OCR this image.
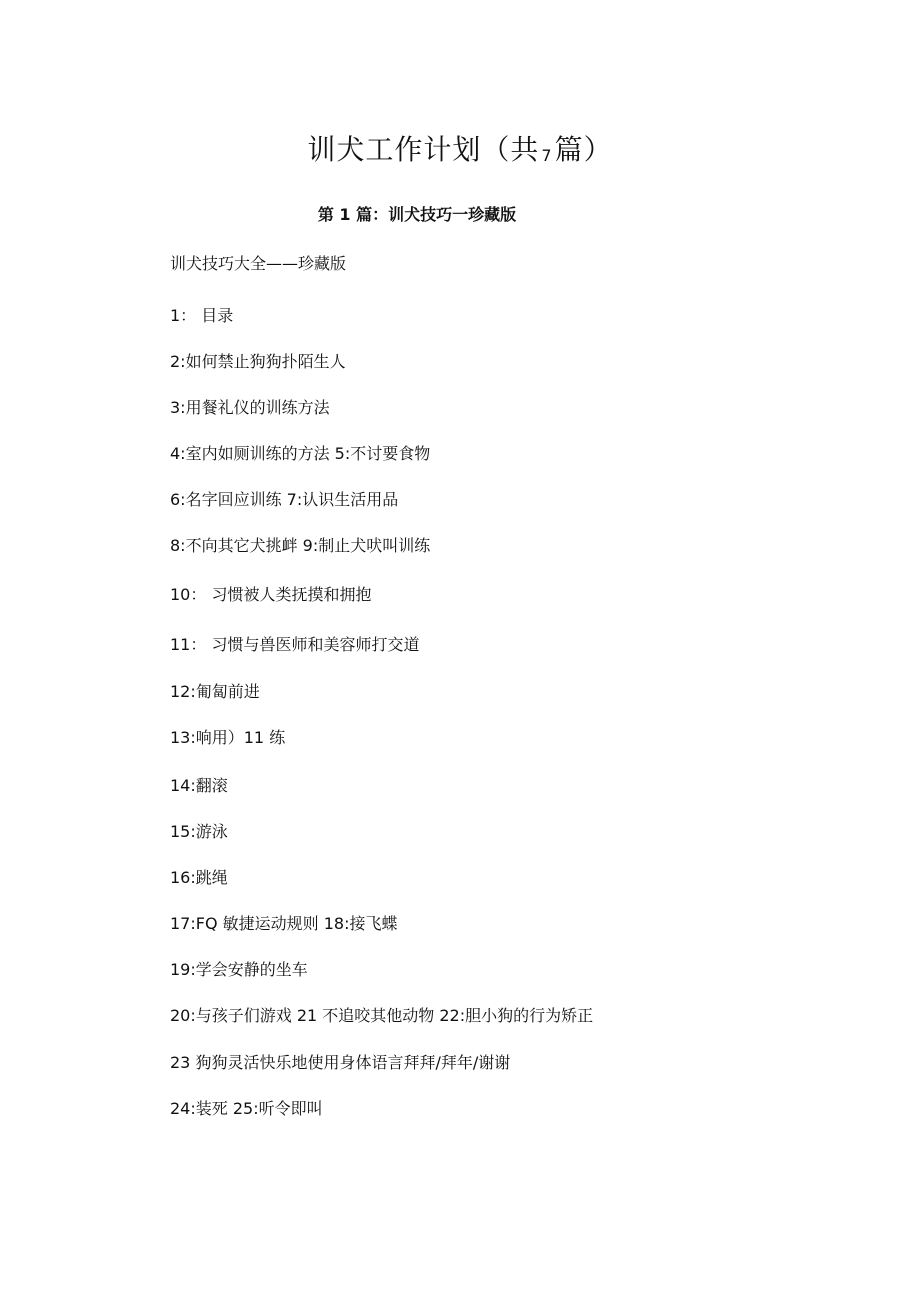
训犬工作计划（共 7篇）
第 1 篇：训犬技巧一珍藏版
训犬技巧大全——珍藏版
1： 目录
2:如何禁止狗狗扑陌生人
3:用餐礼仪的训练方法
4:室内如厕训练的方法 5:不讨要食物
6:名字回应训练 7:认识生活用品
8:不向其它犬挑衅 9:制止犬吠叫训练
10： 习惯被人类抚摸和拥抱
11： 习惯与兽医师和美容师打交道
12:匍匐前进
13:响用）11 练
14:翻滚
15:游泳
16:跳绳
17:FQ 敏捷运动规则 18:接飞蝶
19:学会安静的坐车
20:与孩子们游戏 21 不追咬其他动物 22:胆小狗的行为矫正
23 狗狗灵活快乐地使用身体语言拜拜/拜年/谢谢
24:装死 25:听令即叫
